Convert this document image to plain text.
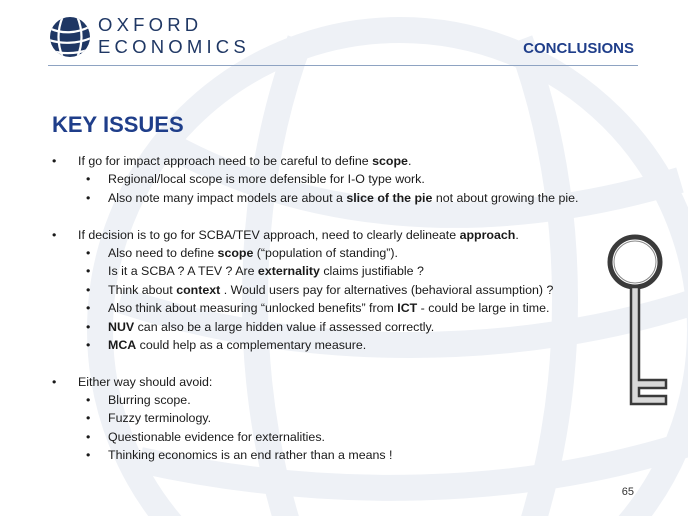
OXFORD
ECONOMICS	CONCLUSIONS
KEY ISSUES
• If go for impact approach need to be careful to define scope.
• Regional/local scope is more defensible for I-O type work.
• Also note many impact models are about a slice of the pie not about growing the pie.
• If decision is to go for SCBA/TEV approach, need to clearly delineate approach.
• Also need to define scope (“population of standing”).
• Is it a SCBA ? A TEV ? Are externality claims justifiable ?
• Think about context . Would users pay for alternatives (behavioral assumption) ?
• Also think about measuring “unlocked benefits” from ICT - could be large in time.
• NUV can also be a large hidden value if assessed correctly.
• MCA could help as a complementary measure.
• Either way should avoid:
• Blurring scope.
• Fuzzy terminology.
• Questionable evidence for externalities.
• Thinking economics is an end rather than a means !
65
